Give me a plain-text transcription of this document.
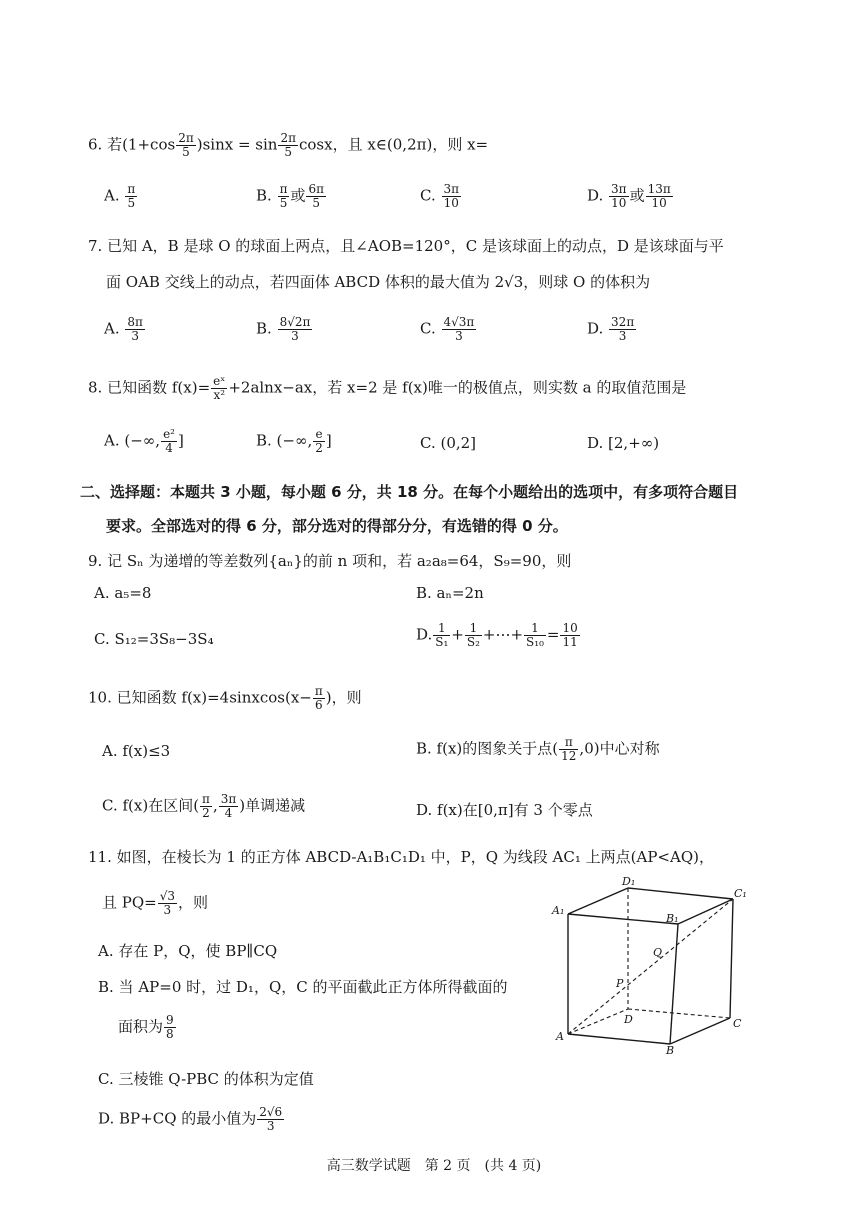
6. 若$(1+\cos \frac{2\pi}{5} )\sin x = \sin \frac{2\pi}{5}$ cosx，且 x∈(0,2π)，则 x=
A. $\frac{\pi}{5}$	B. $\frac{\pi}{5}$ 或 $\frac{6\pi}{5}$	C. $\frac{3\pi}{10}$	D. $\frac{3\pi}{10}$ 或 $\frac{13\pi}{10}$
7. 已知 A，B 是球 O 的球面上两点，且∠AOB=120°，C 是该球面上的动点，D 是该球面与平
面 OAB 交线上的动点，若四面体 ABCD 体积的最大值为 2√3，则球 O 的体积为
A. $\frac{8\pi}{3}$	B. $\frac{8√2\pi}{3}$	C. $\frac{4√3\pi}{3}$	D. $\frac{32\pi}{3}$
8. 已知函数 $f(x)= \frac{\text{eˣ}}{\text{x²}} +2alnx-ax$，若 x=2 是 f(x)唯一的极值点，则实数 a 的取值范围是
A. (−∞, $\frac{\text{e²}}{4}$ ]	B. (−∞, $\frac{e}{2}$ ]	C. (0,2]	D. [2,+∞)
二、选择题：本题共 3 小题，每小题 6 分，共 18 分。在每个小题给出的选项中，有多项符合题目
要求。全部选对的得 6 分，部分选对的得部分分，有选错的得 0 分。
9. 记 Sₙ 为递增的等差数列{aₙ}的前 n 项和，若 a₂a₈=64，S₉=90，则
A. a₅=8	B. aₙ=2n
C. S₁₂=3S₈−3S₄	D. $\frac{1}{\text{S₁}} + \frac{1}{\text{S₂}}$ +⋯+ $\frac{1}{\text{S₁₀}} = \frac{10}{11}$
10. 已知函数 f(x)=4sinxcos(x− $\frac{\pi}{6}$ )，则
A. f(x)≤3	B. f(x)的图象关于点( $\frac{\pi}{12} ,0$)中心对称
C. f(x)在区间( $\frac{\pi}{2}$ , $\frac{3\pi}{4}$ )单调递减	D. f(x)在[0,π]有 3 个零点
11. 如图，在棱长为 1 的正方体 ABCD-A₁B₁C₁D₁ 中，P，Q 为线段 AC₁ 上两点(AP<AQ)，
且 $PQ= \frac{√3}{3}$ ，则
A. 存在 P，Q，使 BP∥CQ
B. 当 AP=0 时，过 D₁，Q，C 的平面截此正方体所得截面的
面积为 $\frac{9}{8}$
C. 三棱锥 Q-PBC 的体积为定值
D. BP+CQ 的最小值为 $\frac{2√6}{3}$
A₁
D₁
C₁
B₁
Q
P
D	C
A
B
高三数学试题　第 2 页　(共 4 页)
